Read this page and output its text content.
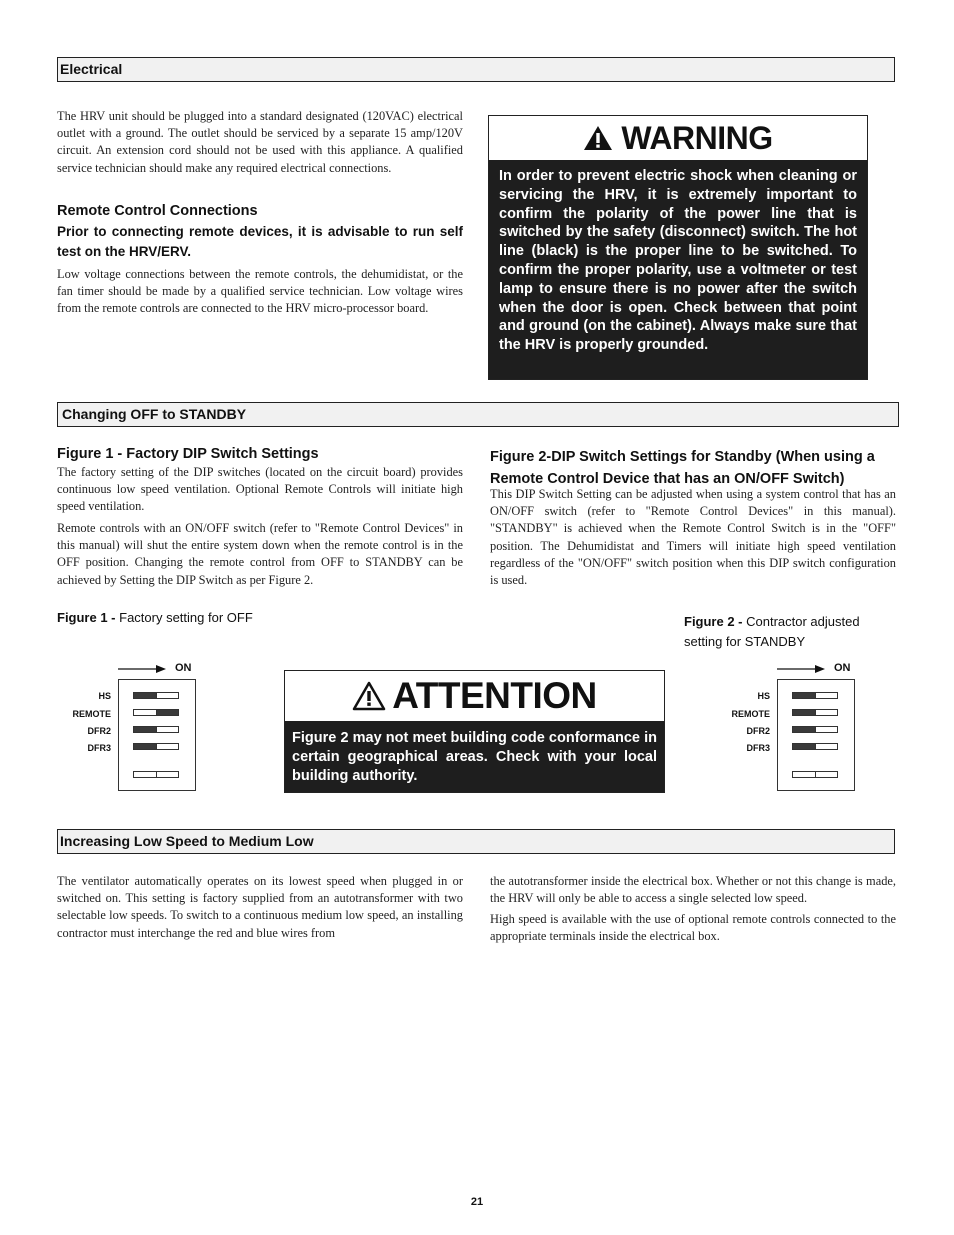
Electrical

The HRV unit should be plugged into a standard designated (120VAC) electrical outlet with a ground. The outlet should be serviced by a separate 15 amp/120V circuit. An extension cord should not be used with this appliance. A qualified service technician should make any required electrical connections.

Remote Control Connections

Prior to connecting remote devices, it is advisable to run self test on the HRV/ERV.

Low voltage connections between the remote controls, the dehumidistat, or the fan timer should be made by a qualified service technician. Low voltage wires from the remote controls are connected to the HRV micro-processor board.

WARNING
In order to prevent electric shock when cleaning or servicing the HRV, it is extremely important to confirm the polarity of the power line that is switched by the safety (disconnect) switch. The hot line (black) is the proper line to be switched. To confirm the proper polarity, use a voltmeter or test lamp to ensure there is no power after the switch when the door is open. Check between that point and ground (on the cabinet). Always make sure that the HRV is properly grounded.
Changing OFF to STANDBY

Figure 1 - Factory DIP Switch Settings

The factory setting of the DIP switches (located on the circuit board) provides continuous low speed ventilation. Optional Remote Controls will initiate high speed ventilation.

Remote controls with an ON/OFF switch (refer to "Remote Control Devices" in this manual) will shut the entire system down when the remote control is in the OFF position. Changing the remote control from OFF to STANDBY can be achieved by Setting the DIP Switch as per Figure 2.

Figure 2-DIP Switch Settings for Standby (When using a Remote Control Device that has an ON/OFF Switch)

This DIP Switch Setting can be adjusted when using a system control that has an ON/OFF switch (refer to "Remote Control Devices" in this manual). "STANDBY" is achieved when the Remote Control Switch is in the "OFF" position. The Dehumidistat and Timers will initiate high speed ventilation regardless of the "ON/OFF" switch position when this DIP switch configuration is used.

Figure 1 - Factory setting for OFF	Figure 2 - Contractor adjusted setting for STANDBY
ON
HS
REMOTE
DFR2
DFR3
ON
HS
REMOTE
DFR2
DFR3
ATTENTION
Figure 2 may not meet building code conformance in certain geographical areas. Check with your local building authority.
Increasing Low Speed to Medium Low

The ventilator automatically operates on its lowest speed when plugged in or switched on. This setting is factory supplied from an autotransformer with two selectable low speeds. To switch to a continuous medium low speed, an installing contractor must interchange the red and blue wires from

the autotransformer inside the electrical box. Whether or not this change is made, the HRV will only be able to access a single selected low speed.

High speed is available with the use of optional remote controls connected to the appropriate terminals inside the electrical box.

21
